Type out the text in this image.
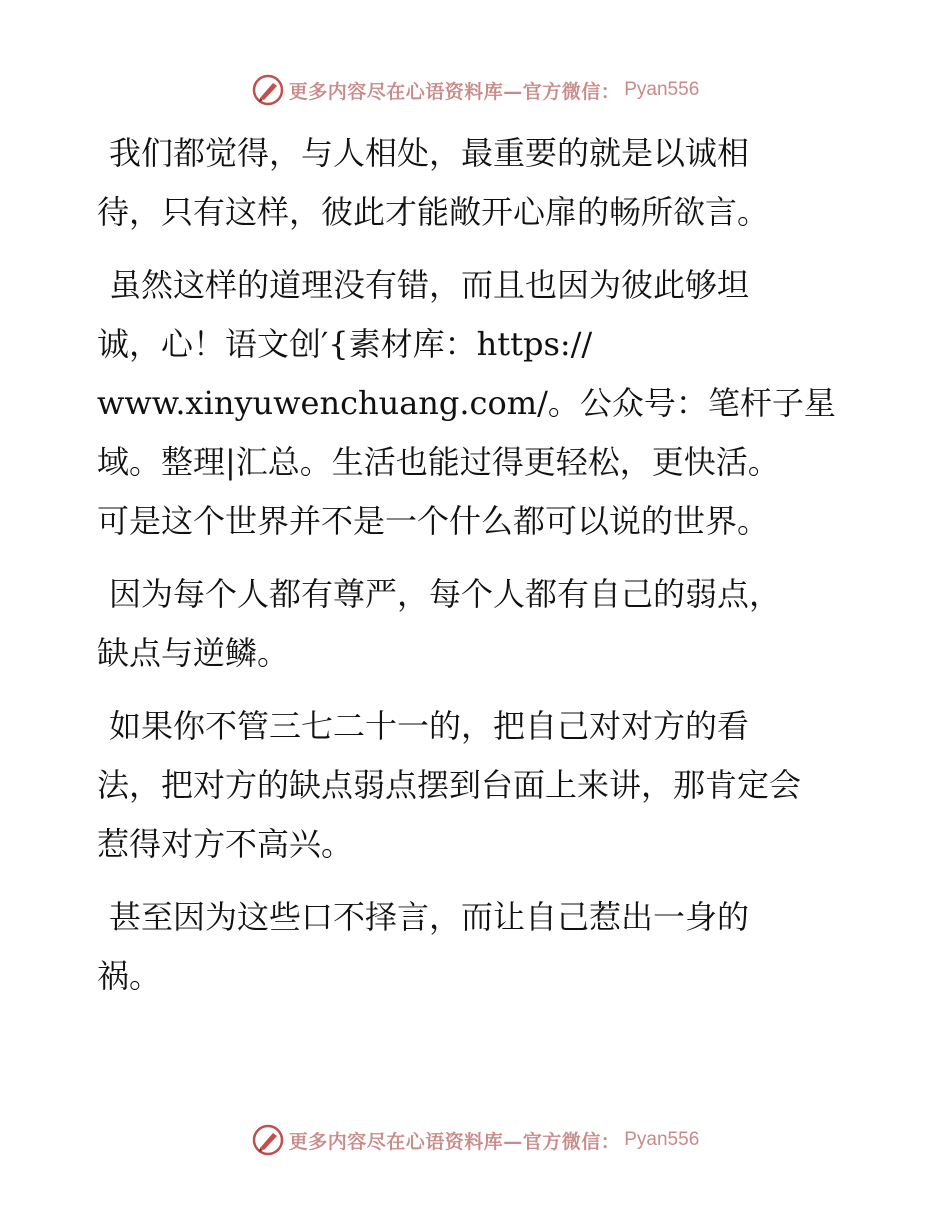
更多内容尽在心语资料库—官方微信： Pyan556

我们都觉得，与人相处，最重要的就是以诚相
待，只有这样，彼此才能敞开心扉的畅所欲言。

虽然这样的道理没有错，而且也因为彼此够坦
诚，心！语文创′{素材库：https://
www.xinyuwenchuang.com/。公众号：笔杆子星
域。整理|汇总。生活也能过得更轻松，更快活。
可是这个世界并不是一个什么都可以说的世界。

因为每个人都有尊严，每个人都有自己的弱点，
缺点与逆鳞。

如果你不管三七二十一的，把自己对对方的看
法，把对方的缺点弱点摆到台面上来讲，那肯定会
惹得对方不高兴。

甚至因为这些口不择言，而让自己惹出一身的
祸。

更多内容尽在心语资料库—官方微信： Pyan556
